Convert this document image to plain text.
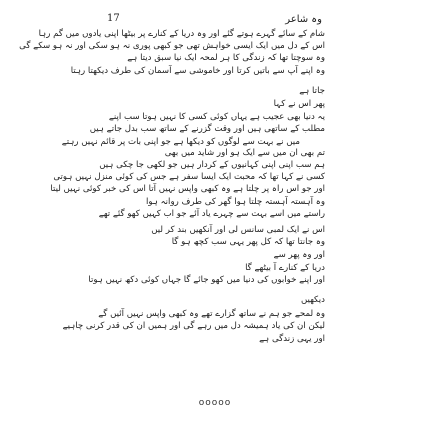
17	وہ شاعر
شام کے سائے گہرے ہوتے گئے اور وہ دریا کے کنارے پر بیٹھا اپنی یادوں میں گم رہا
اس کے دل میں ایک ایسی خواہش تھی جو کبھی پوری نہ ہو سکی اور نہ ہو سکے گی
وہ سوچتا تھا کہ زندگی کا ہر لمحہ ایک نیا سبق دیتا ہے
وہ اپنے آپ سے باتیں کرتا اور خاموشی سے آسمان کی طرف دیکھتا رہتا
جاتا ہے
پھر اس نے کہا
یہ دنیا بھی عجیب ہے یہاں کوئی کسی کا نہیں ہوتا سب اپنے
مطلب کے ساتھی ہیں اور وقت گزرنے کے ساتھ سب بدل جاتے ہیں
میں نے بہت سے لوگوں کو دیکھا ہے جو اپنی بات پر قائم نہیں رہتے
تم بھی ان میں سے ایک ہو اور شاید میں بھی
ہم سب اپنی اپنی کہانیوں کے کردار ہیں جو لکھی جا چکی ہیں
کسی نے کہا تھا کہ محبت ایک ایسا سفر ہے جس کی کوئی منزل نہیں ہوتی
اور جو اس راہ پر چلتا ہے وہ کبھی واپس نہیں آتا اس کی خبر کوئی نہیں لیتا
وہ آہستہ آہستہ چلتا ہوا گھر کی طرف روانہ ہوا
راستے میں اسے بہت سے چہرے یاد آئے جو اب کہیں کھو گئے تھے
اس نے ایک لمبی سانس لی اور آنکھیں بند کر لیں
وہ جانتا تھا کہ کل پھر یہی سب کچھ ہو گا
اور وہ پھر سے
دریا کے کنارے آ بیٹھے گا
اور اپنے خوابوں کی دنیا میں کھو جائے گا جہاں کوئی دکھ نہیں ہوتا
دیکھیں
وہ لمحے جو ہم نے ساتھ گزارے تھے وہ کبھی واپس نہیں آئیں گے
لیکن ان کی یاد ہمیشہ دل میں رہے گی اور ہمیں ان کی قدر کرنی چاہیے
اور یہی زندگی ہے
ooooo
